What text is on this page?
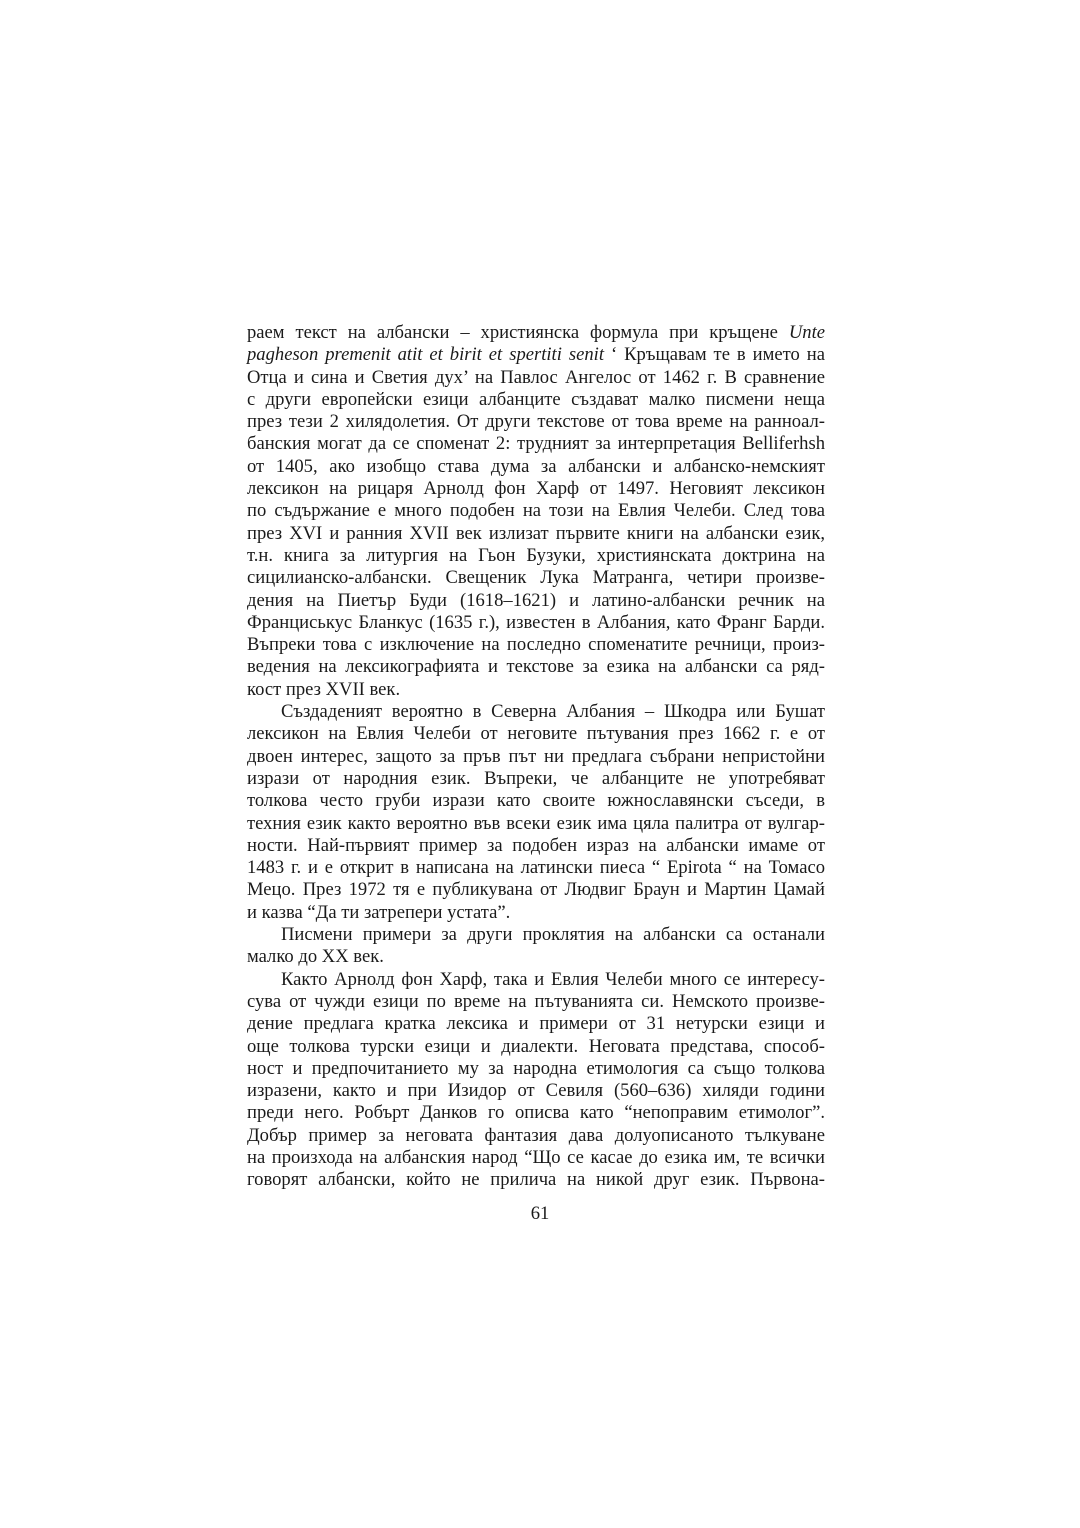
раем текст на албански – християнска формула при кръщене Unte
pagheson premenit atit et birit et spertiti senit ‘ Кръщавам те в името на
Отца и сина и Светия дух’ на Павлос Ангелос от 1462 г. В сравнение
с други европейски езици албанците създават малко писмени неща
през тези 2 хилядолетия. От други текстове от това време на ранноал-
банския могат да се споменат 2: трудният за интерпретация Belliferhsh
от 1405, ако изобщо става дума за албански и албанско-немският
лексикон на рицаря Арнолд фон Харф от 1497. Неговият лексикон
по съдържание е много подобен на този на Евлия Челеби. След това
през XVI и ранния XVII век излизат първите книги на албански език,
т.н. книга за литургия на Гьон Бузуки, християнската доктрина на
сицилианско-албански. Свещеник Лука Матранга, четири произве-
дения на Пиетър Буди (1618–1621) и латино-албански речник на
Франциськус Бланкус (1635 г.), известен в Албания, като Франг Барди.
Въпреки това с изключение на последно споменатите речници, произ-
ведения на лексикографията и текстове за езика на албански са ряд-
кост през XVII век.
Създаденият вероятно в Северна Албания – Шкодра или Бушат
лексикон на Евлия Челеби от неговите пътувания през 1662 г. е от
двоен интерес, защото за пръв път ни предлага събрани непристойни
изрази от народния език. Въпреки, че албанците не употребяват
толкова често груби изрази като своите южнославянски съседи, в
техния език както вероятно във всеки език има цяла палитра от вулгар-
ности. Най-първият пример за подобен израз на албански имаме от
1483 г. и е открит в написана на латински пиеса “ Epirota “ на Томасо
Мецо. През 1972 тя е публикувана от Людвиг Браун и Мартин Цамай
и казва “Да ти затрепери устата”.
Писмени примери за други проклятия на албански са останали
малко до XX век.
Както Арнолд фон Харф, така и Евлия Челеби много се интересу-
сува от чужди езици по време на пътуванията си. Немското произве-
дение предлага кратка лексика и примери от 31 нетурски езици и
още толкова турски езици и диалекти. Неговата представа, способ-
ност и предпочитанието му за народна етимология са също толкова
изразени, както и при Изидор от Севиля (560–636) хиляди години
преди него. Робърт Данков го описва като “непоправим етимолог”.
Добър пример за неговата фантазия дава долуописаното тълкуване
на произхода на албанския народ “Що се касае до езика им, те всички
говорят албански, който не прилича на никой друг език. Първона-
61
